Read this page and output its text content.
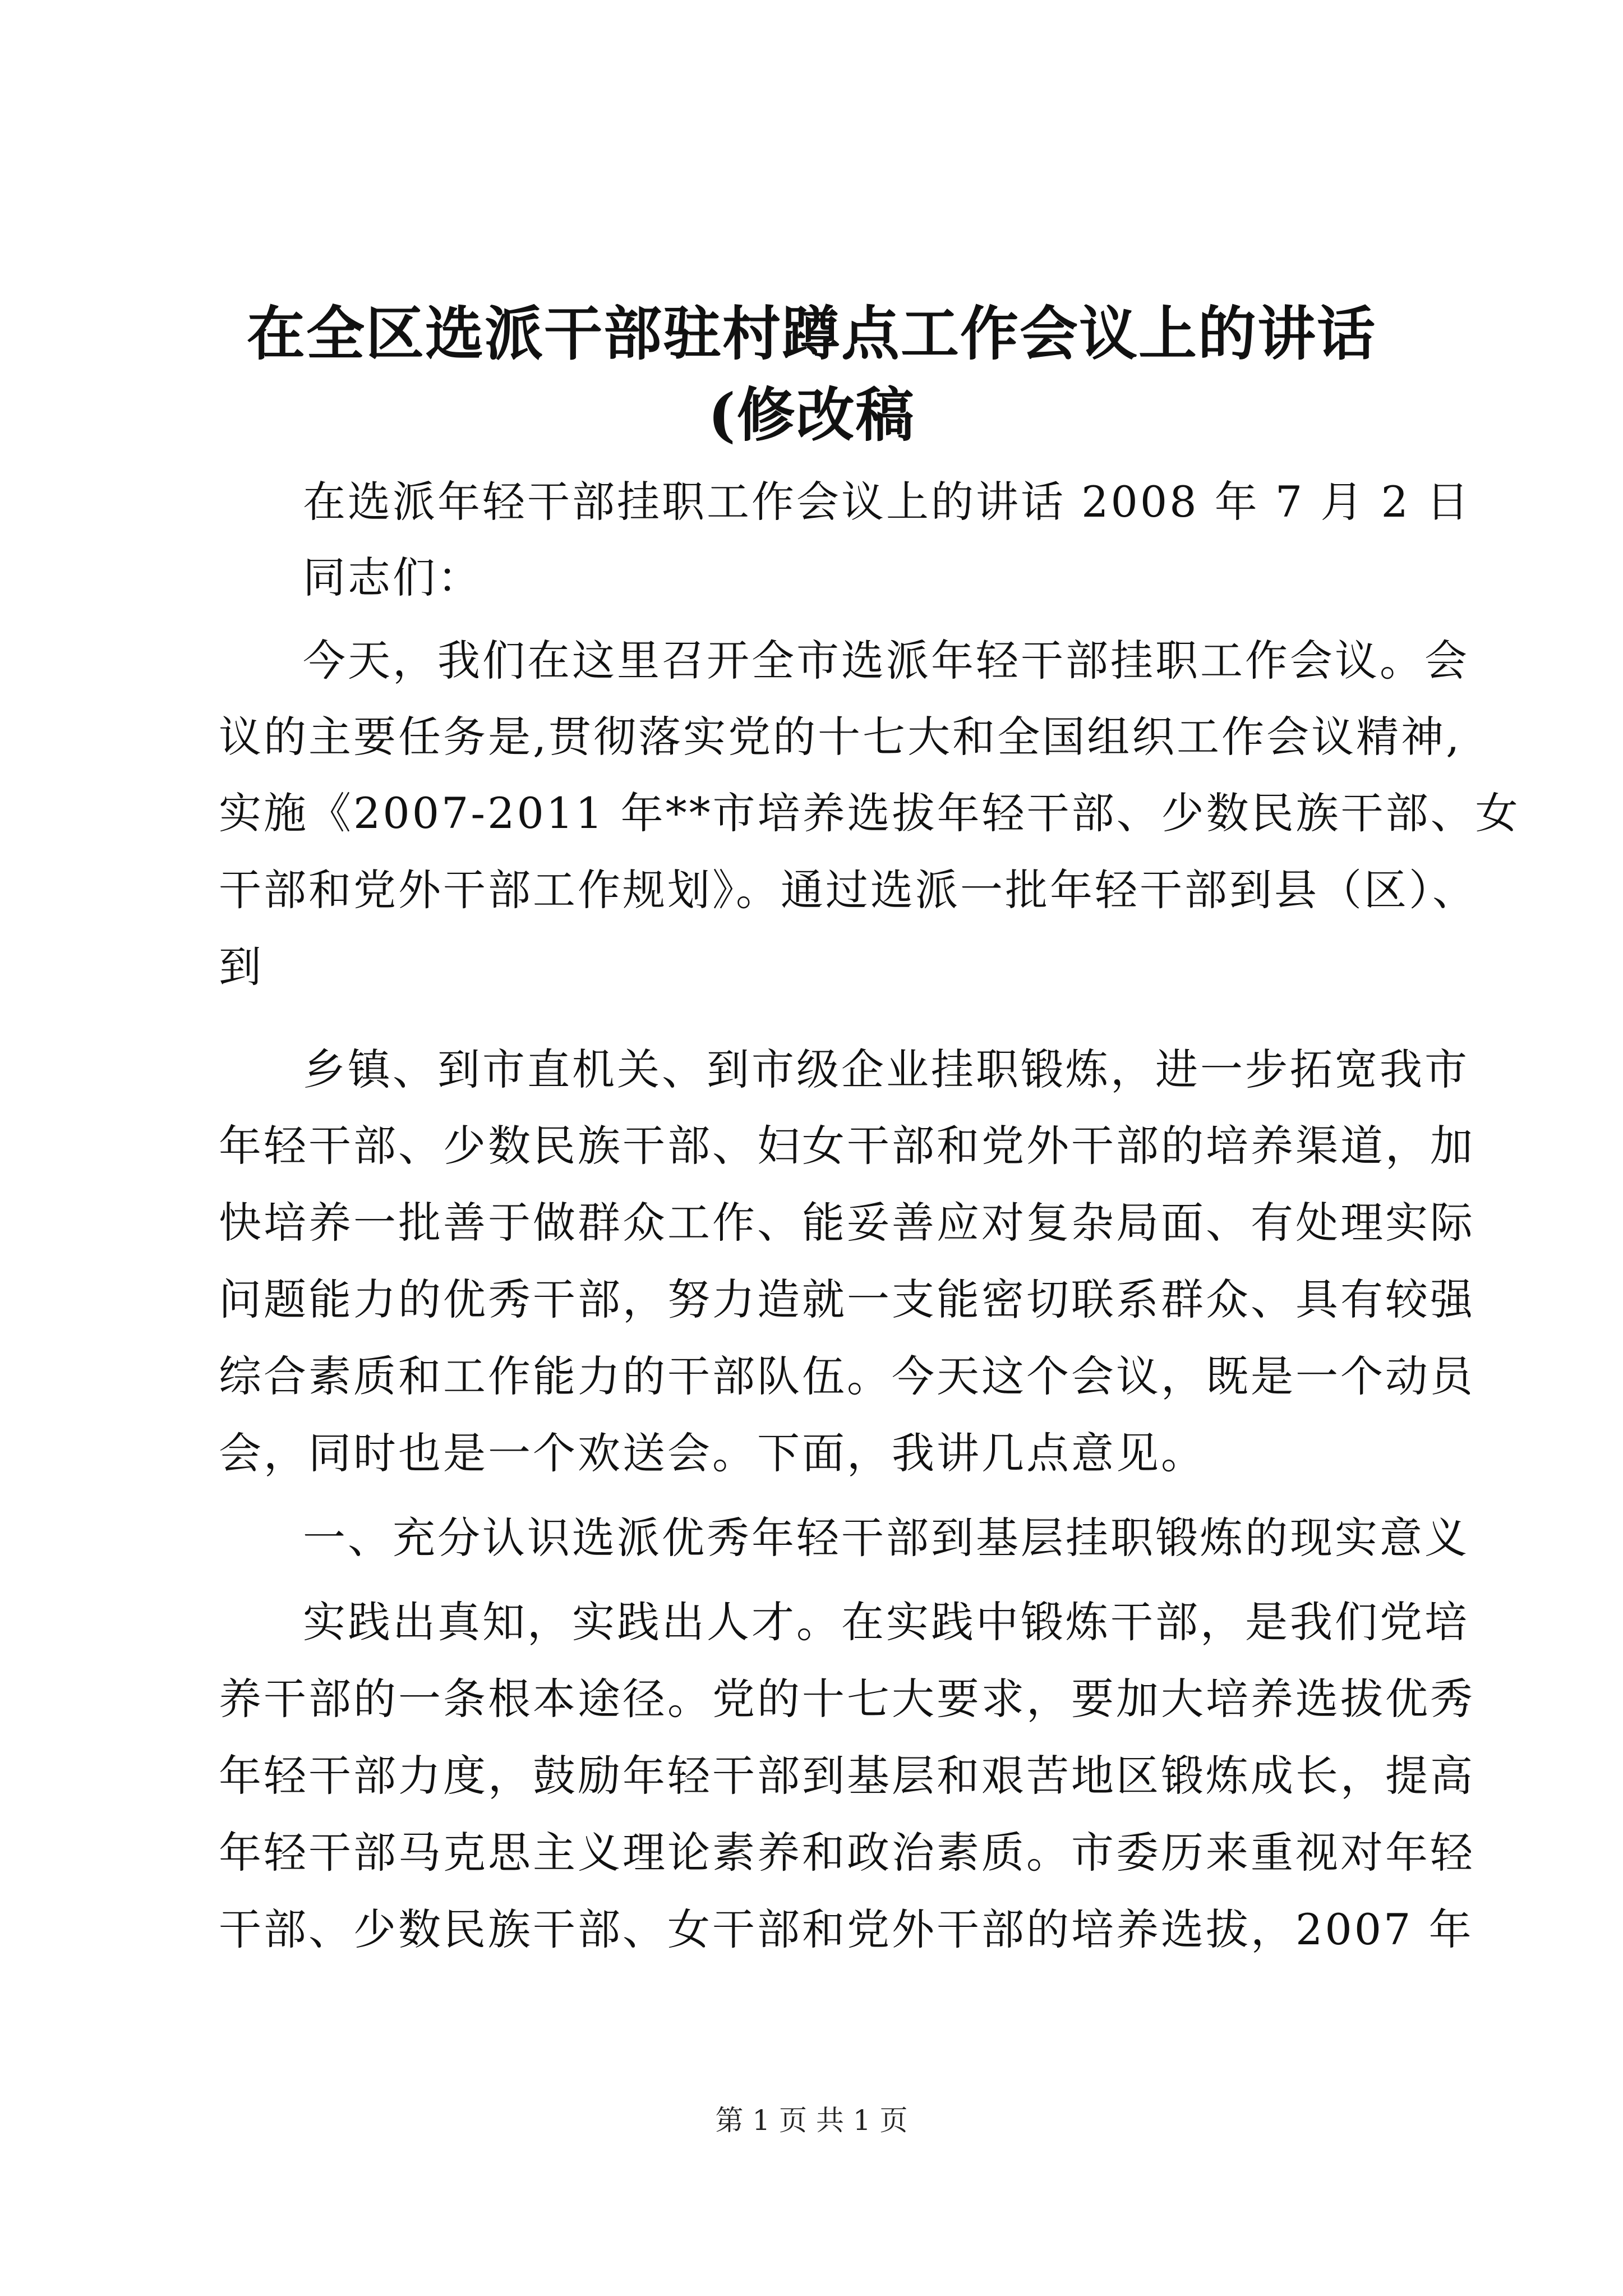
在全区选派干部驻村蹲点工作会议上的讲话
(修改稿
在选派年轻干部挂职工作会议上的讲话 2008 年 7 月 2 日
同志们：
今天，我们在这里召开全市选派年轻干部挂职工作会议。会
议的主要任务是,贯彻落实党的十七大和全国组织工作会议精神,
实施《2007-2011 年**市培养选拔年轻干部、少数民族干部、女
干部和党外干部工作规划》。通过选派一批年轻干部到县（区）、
到
乡镇、到市直机关、到市级企业挂职锻炼，进一步拓宽我市
年轻干部、少数民族干部、妇女干部和党外干部的培养渠道，加
快培养一批善于做群众工作、能妥善应对复杂局面、有处理实际
问题能力的优秀干部，努力造就一支能密切联系群众、具有较强
综合素质和工作能力的干部队伍。今天这个会议，既是一个动员
会，同时也是一个欢送会。下面，我讲几点意见。
一、充分认识选派优秀年轻干部到基层挂职锻炼的现实意义
实践出真知，实践出人才。在实践中锻炼干部，是我们党培
养干部的一条根本途径。党的十七大要求，要加大培养选拔优秀
年轻干部力度，鼓励年轻干部到基层和艰苦地区锻炼成长，提高
年轻干部马克思主义理论素养和政治素质。市委历来重视对年轻
干部、少数民族干部、女干部和党外干部的培养选拔，2007 年
第 1 页 共 1 页
